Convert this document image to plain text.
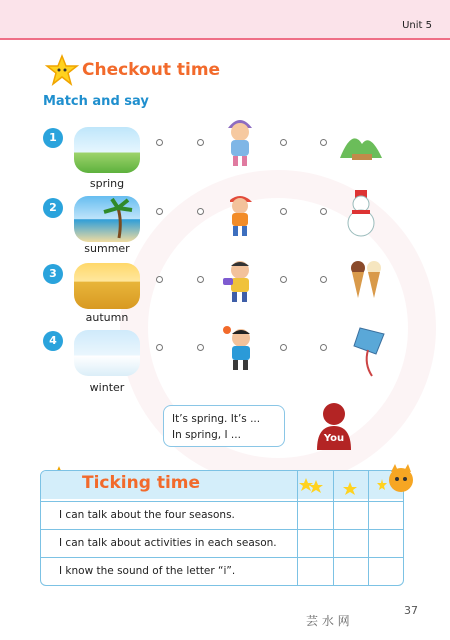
Unit 5
Checkout time
Match and say
1
spring
2
summer
3
autumn
4
winter
It’s spring. It’s ...
In spring, I ...	You
I can talk about the four seasons.
I can talk about activities in each season.
I know the sound of the letter “i”.
Ticking time
37
芸 水 网
